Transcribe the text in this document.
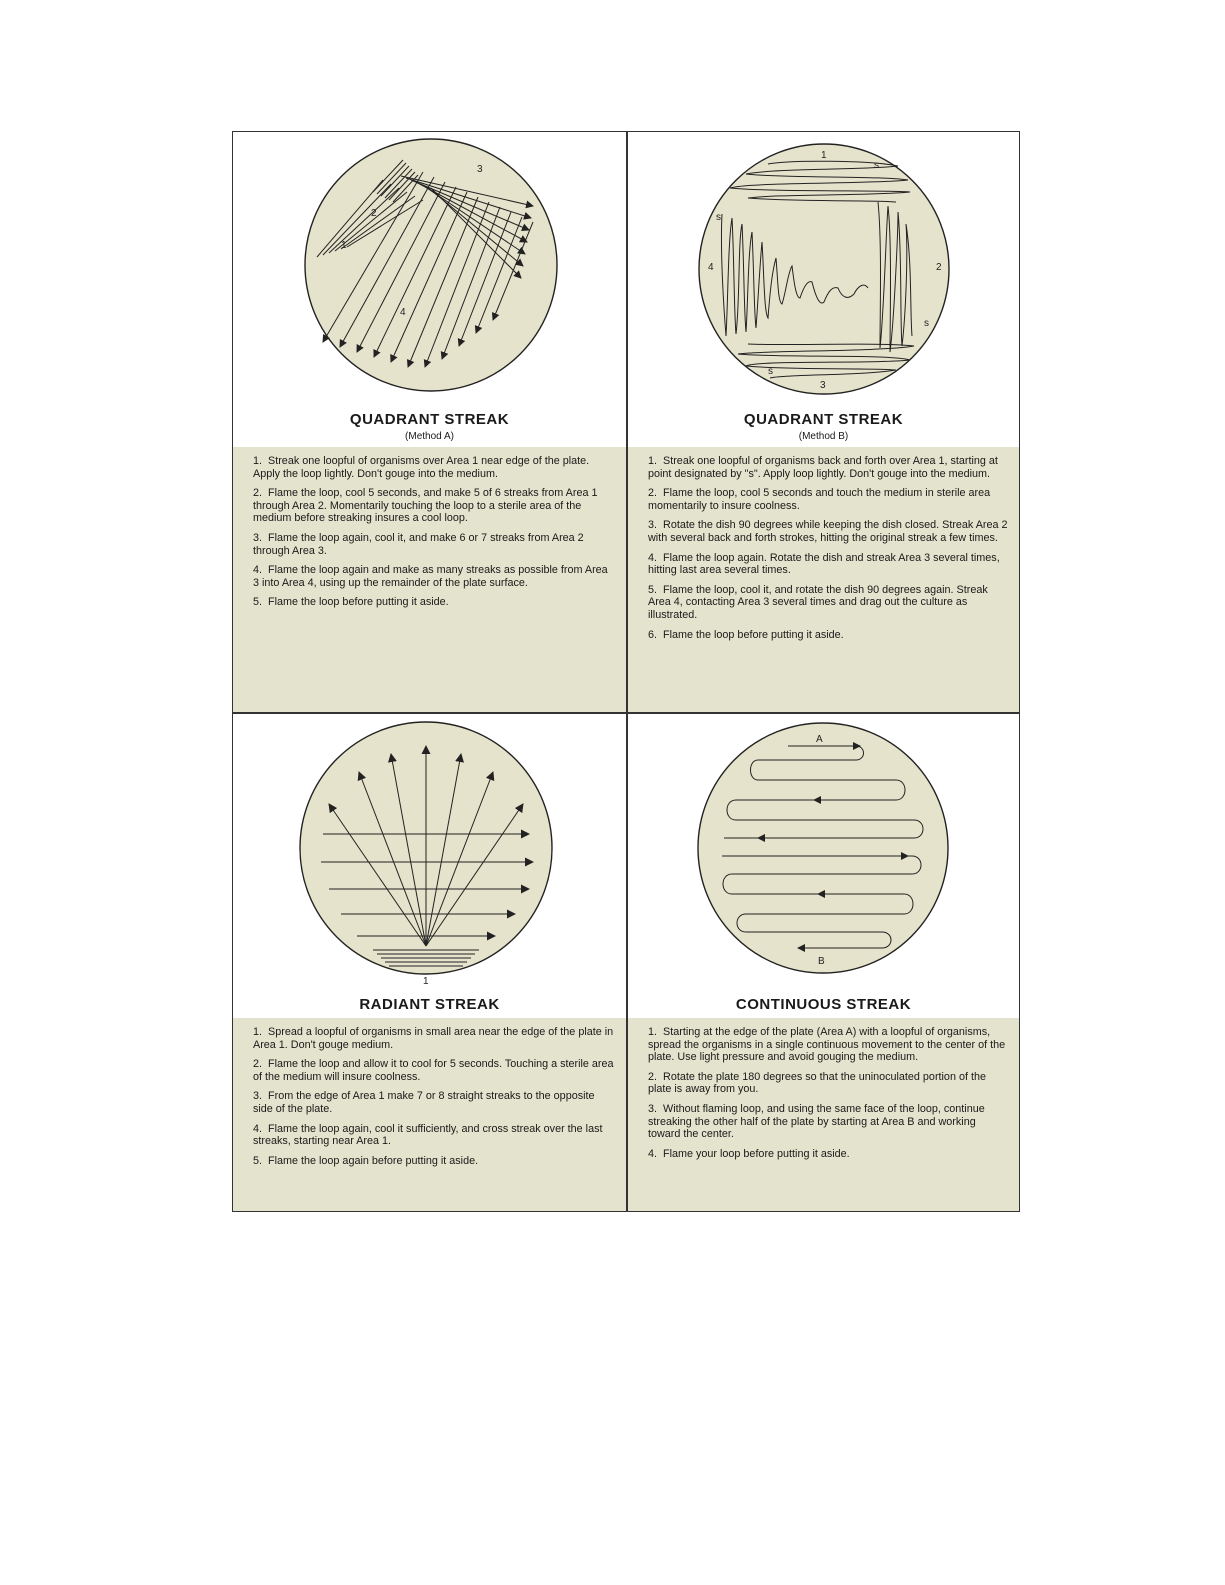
1
2
3
4
QUADRANT STREAK
(Method A)

1. Streak one loopful of organisms over Area 1 near edge of the plate. Apply the loop lightly. Don't gouge into the medium.

2. Flame the loop, cool 5 seconds, and make 5 of 6 streaks from Area 1 through Area 2. Momentarily touching the loop to a sterile area of the medium before streaking insures a cool loop.

3. Flame the loop again, cool it, and make 6 or 7 streaks from Area 2 through Area 3.

4. Flame the loop again and make as many streaks as possible from Area 3 into Area 4, using up the remainder of the plate surface.

5. Flame the loop before putting it aside.

1
2
3
4
s
s
s
s
QUADRANT STREAK
(Method B)

1. Streak one loopful of organisms back and forth over Area 1, starting at point designated by "s". Apply loop lightly. Don't gouge into the medium.

2. Flame the loop, cool 5 seconds and touch the medium in sterile area momentarily to insure coolness.

3. Rotate the dish 90 degrees while keeping the dish closed. Streak Area 2 with several back and forth strokes, hitting the original streak a few times.

4. Flame the loop again. Rotate the dish and streak Area 3 several times, hitting last area several times.

5. Flame the loop, cool it, and rotate the dish 90 degrees again. Streak Area 4, contacting Area 3 several times and drag out the culture as illustrated.

6. Flame the loop before putting it aside.

1
RADIANT STREAK

1. Spread a loopful of organisms in small area near the edge of the plate in Area 1. Don't gouge medium.

2. Flame the loop and allow it to cool for 5 seconds. Touching a sterile area of the medium will insure coolness.

3. From the edge of Area 1 make 7 or 8 straight streaks to the opposite side of the plate.

4. Flame the loop again, cool it sufficiently, and cross streak over the last streaks, starting near Area 1.

5. Flame the loop again before putting it aside.

A
B
CONTINUOUS STREAK

1. Starting at the edge of the plate (Area A) with a loopful of organisms, spread the organisms in a single continuous movement to the center of the plate. Use light pressure and avoid gouging the medium.

2. Rotate the plate 180 degrees so that the uninoculated portion of the plate is away from you.

3. Without flaming loop, and using the same face of the loop, continue streaking the other half of the plate by starting at Area B and working toward the center.

4. Flame your loop before putting it aside.
